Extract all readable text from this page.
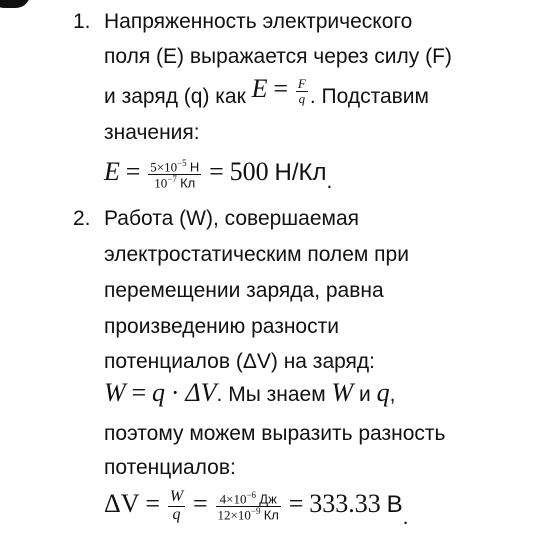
1. Напряженность электрического
поля (E) выражается через силу (F)
и заряд (q) как $E = \frac{F}{q}$ . Подставим
значения:
$E = \frac{5\times 10^{-5} Н}{10^{-7} Кл} = 500$ Н/Кл.
2. Работа (W), совершаемая
электростатическим полем при
перемещении заряда, равна
произведению разности
потенциалов (ΔV) на заряд:
W = q · ΔV. Мы знаем W и q,
поэтому можем выразить разность
потенциалов:
$\Delta V = \frac{W}{q} = \frac{4\times 10^{-6} Дж}{12\times 10^{-9} Кл} = 333.33$ В.
